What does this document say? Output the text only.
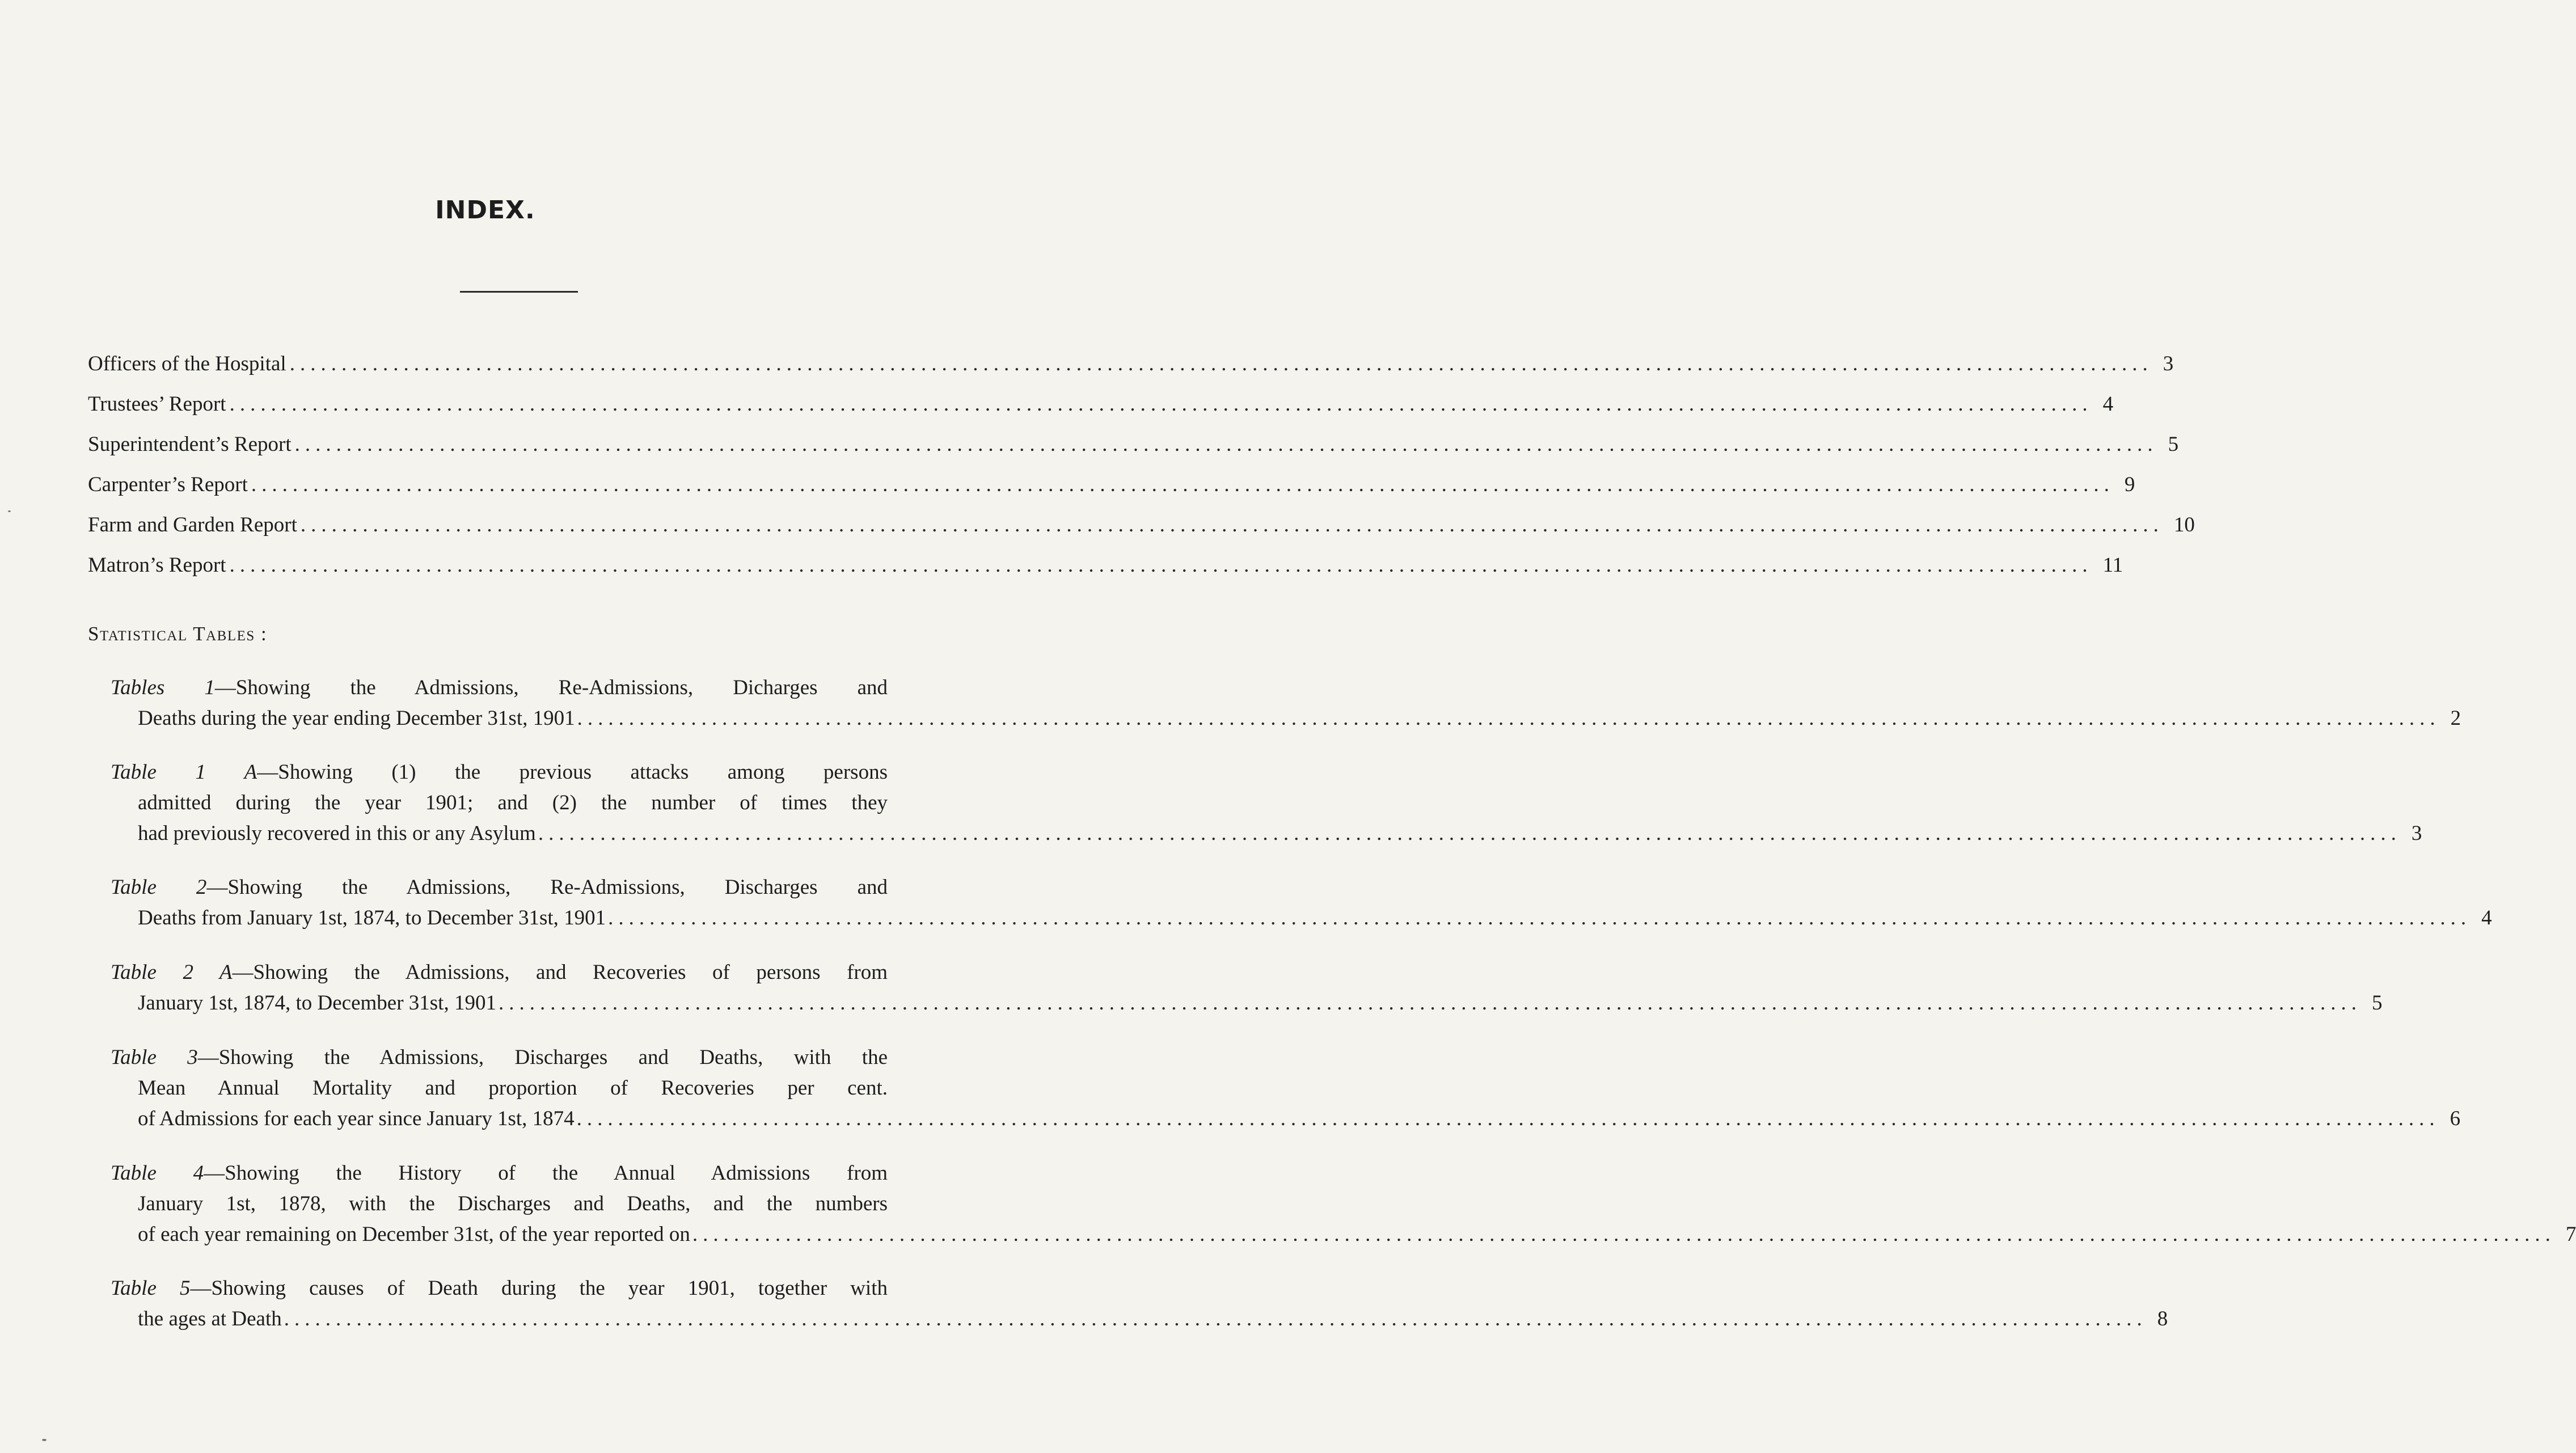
INDEX.
Officers of the Hospital .................................................................................................................................................................................... 3
Trustees’ Report .................................................................................................................................................................................... 4
Superintendent’s Report .................................................................................................................................................................................... 5
Carpenter’s Report .................................................................................................................................................................................... 9
Farm and Garden Report .................................................................................................................................................................................... 10
Matron’s Report .................................................................................................................................................................................... 11
Statistical Tables :
Tables 1—Showing the Admissions, Re-Admissions, Dicharges and
Deaths during the year ending December 31st, 1901 .................................................................................................................................................................................... 2
Table 1 A—Showing (1) the previous attacks among persons
admitted during the year 1901; and (2) the number of times they
had previously recovered in this or any Asylum .................................................................................................................................................................................... 3
Table 2—Showing the Admissions, Re-Admissions, Discharges and
Deaths from January 1st, 1874, to December 31st, 1901 .................................................................................................................................................................................... 4
Table 2 A—Showing the Admissions, and Recoveries of persons from
January 1st, 1874, to December 31st, 1901 .................................................................................................................................................................................... 5
Table 3—Showing the Admissions, Discharges and Deaths, with the
Mean Annual Mortality and proportion of Recoveries per cent.
of Admissions for each year since January 1st, 1874 .................................................................................................................................................................................... 6
Table 4—Showing the History of the Annual Admissions from
January 1st, 1878, with the Discharges and Deaths, and the numbers
of each year remaining on December 31st, of the year reported on .................................................................................................................................................................................... 7
Table 5—Showing causes of Death during the year 1901, together with
the ages at Death .................................................................................................................................................................................... 8
